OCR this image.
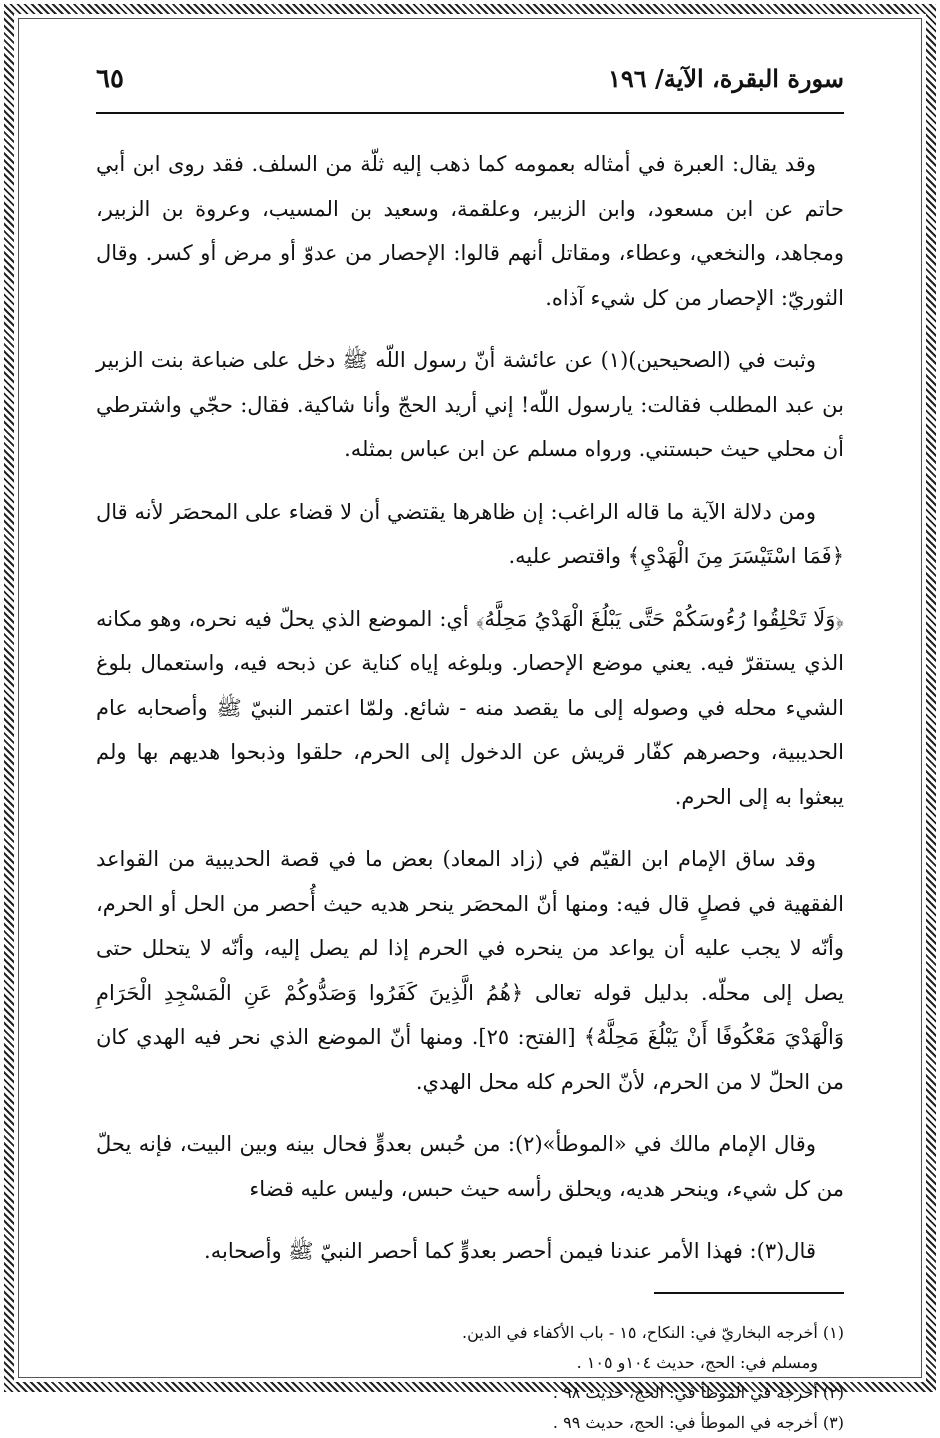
سورة البقرة، الآية/ ١٩٦
٦٥

وقد يقال: العبرة في أمثاله بعمومه كما ذهب إليه ثلّة من السلف. فقد روى ابن أبي حاتم عن ابن مسعود، وابن الزبير، وعلقمة، وسعيد بن المسيب، وعروة بن الزبير، ومجاهد، والنخعي، وعطاء، ومقاتل أنهم قالوا: الإحصار من عدوّ أو مرض أو كسر. وقال الثوريّ: الإحصار من كل شيء آذاه.

وثبت في (الصحيحين)(١) عن عائشة أنّ رسول اللّه ﷺ دخل على ضباعة بنت الزبير بن عبد المطلب فقالت: يارسول اللّه! إني أريد الحجّ وأنا شاكية. فقال: حجّي واشترطي أن محلي حيث حبستني. ورواه مسلم عن ابن عباس بمثله.

ومن دلالة الآية ما قاله الراغب: إن ظاهرها يقتضي أن لا قضاء على المحصَر لأنه قال ﴿فَمَا اسْتَيْسَرَ مِنَ الْهَدْيِ﴾ واقتصر عليه.

﴿وَلَا تَحْلِقُوا رُءُوسَكُمْ حَتَّى يَبْلُغَ الْهَدْيُ مَحِلَّهُ﴾ أي: الموضع الذي يحلّ فيه نحره، وهو مكانه الذي يستقرّ فيه. يعني موضع الإحصار. وبلوغه إياه كناية عن ذبحه فيه، واستعمال بلوغ الشيء محله في وصوله إلى ما يقصد منه - شائع. ولمّا اعتمر النبيّ ﷺ وأصحابه عام الحديبية، وحصرهم كفّار قريش عن الدخول إلى الحرم، حلقوا وذبحوا هديهم بها ولم يبعثوا به إلى الحرم.

وقد ساق الإمام ابن القيّم في (زاد المعاد) بعض ما في قصة الحديبية من القواعد الفقهية في فصلٍ قال فيه: ومنها أنّ المحصَر ينحر هديه حيث أُحصر من الحل أو الحرم، وأنّه لا يجب عليه أن يواعد من ينحره في الحرم إذا لم يصل إليه، وأنّه لا يتحلل حتى يصل إلى محلّه. بدليل قوله تعالى ﴿هُمُ الَّذِينَ كَفَرُوا وَصَدُّوكُمْ عَنِ الْمَسْجِدِ الْحَرَامِ وَالْهَدْيَ مَعْكُوفًا أَنْ يَبْلُغَ مَحِلَّهُ﴾ [الفتح: ٢٥]. ومنها أنّ الموضع الذي نحر فيه الهدي كان من الحلّ لا من الحرم، لأنّ الحرم كله محل الهدي.

وقال الإمام مالك في «الموطأ»(٢): من حُبس بعدوٍّ فحال بينه وبين البيت، فإنه يحلّ من كل شيء، وينحر هديه، ويحلق رأسه حيث حبس، وليس عليه قضاء

قال(٣): فهذا الأمر عندنا فيمن أحصر بعدوٍّ كما أحصر النبيّ ﷺ وأصحابه.

(١) أخرجه البخاريّ في: النكاح، ١٥ - باب الأكفاء في الدين.

ومسلم في: الحج، حديث ١٠٤و ١٠٥ .

(٢) أخرجه في الموطأ في: الحج، حديث ٩٨ .

(٣) أخرجه في الموطأ في: الحج، حديث ٩٩ .
